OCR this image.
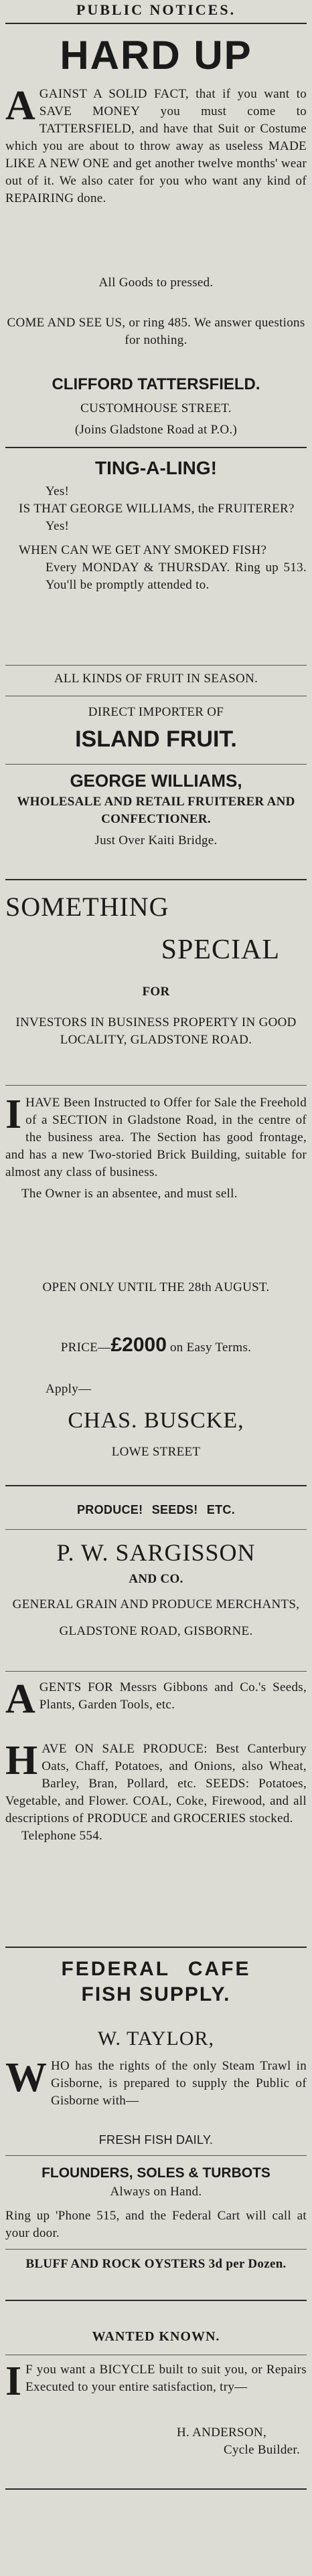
PUBLIC NOTICES.

HARD UP
A GAINST A SOLID FACT, that if you want to SAVE MONEY you must come to TATTERSFIELD, and have that Suit or Costume which you are about to throw away as useless MADE LIKE A NEW ONE and get another twelve months' wear out of it. We also cater for you who want any kind of REPAIRING done.

All Goods to pressed.

COME AND SEE US, or ring 485. We answer questions for nothing.

CLIFFORD TATTERSFIELD.

CUSTOMHOUSE STREET.

(Joins Gladstone Road at P.O.)

TING-A-LING!

Yes!

IS THAT GEORGE WILLIAMS, the FRUITERER?

Yes!

WHEN CAN WE GET ANY SMOKED FISH?

Every MONDAY & THURSDAY. Ring up 513. You'll be promptly attended to.

ALL KINDS OF FRUIT IN SEASON.

DIRECT IMPORTER OF

ISLAND FRUIT.
GEORGE WILLIAMS,

WHOLESALE AND RETAIL FRUITERER AND CONFECTIONER.

Just Over Kaiti Bridge.

SOMETHING
SPECIAL

FOR

INVESTORS IN BUSINESS PROPERTY IN GOOD LOCALITY, GLADSTONE ROAD.

I HAVE Been Instructed to Offer for Sale the Freehold of a SECTION in Gladstone Road, in the centre of the business area. The Section has good frontage, and has a new Two-storied Brick Building, suitable for almost any class of business.

The Owner is an absentee, and must sell.

OPEN ONLY UNTIL THE 28th AUGUST.

PRICE—£2000 on Easy Terms.

Apply—

CHAS. BUSCKE,

LOWE STREET

PRODUCE! SEEDS! ETC.

P. W. SARGISSON

AND CO.

GENERAL GRAIN AND PRODUCE MERCHANTS,

GLADSTONE ROAD, GISBORNE.

A GENTS FOR Messrs Gibbons and Co.'s Seeds, Plants, Garden Tools, etc.

H AVE ON SALE PRODUCE: Best Canterbury Oats, Chaff, Potatoes, and Onions, also Wheat, Barley, Bran, Pollard, etc. SEEDS: Potatoes, Vegetable, and Flower. COAL, Coke, Firewood, and all descriptions of PRODUCE and GROCERIES stocked.

Telephone 554.

FEDERAL CAFE
FISH SUPPLY.
W. TAYLOR,
W HO has the rights of the only Steam Trawl in Gisborne, is prepared to supply the Public of Gisborne with—

FRESH FISH DAILY.

FLOUNDERS, SOLES & TURBOTS

Always on Hand.

Ring up 'Phone 515, and the Federal Cart will call at your door.

BLUFF AND ROCK OYSTERS 3d per Dozen.

WANTED KNOWN.

I F you want a BICYCLE built to suit you, or Repairs Executed to your entire satisfaction, try—

H. ANDERSON,

Cycle Builder.
